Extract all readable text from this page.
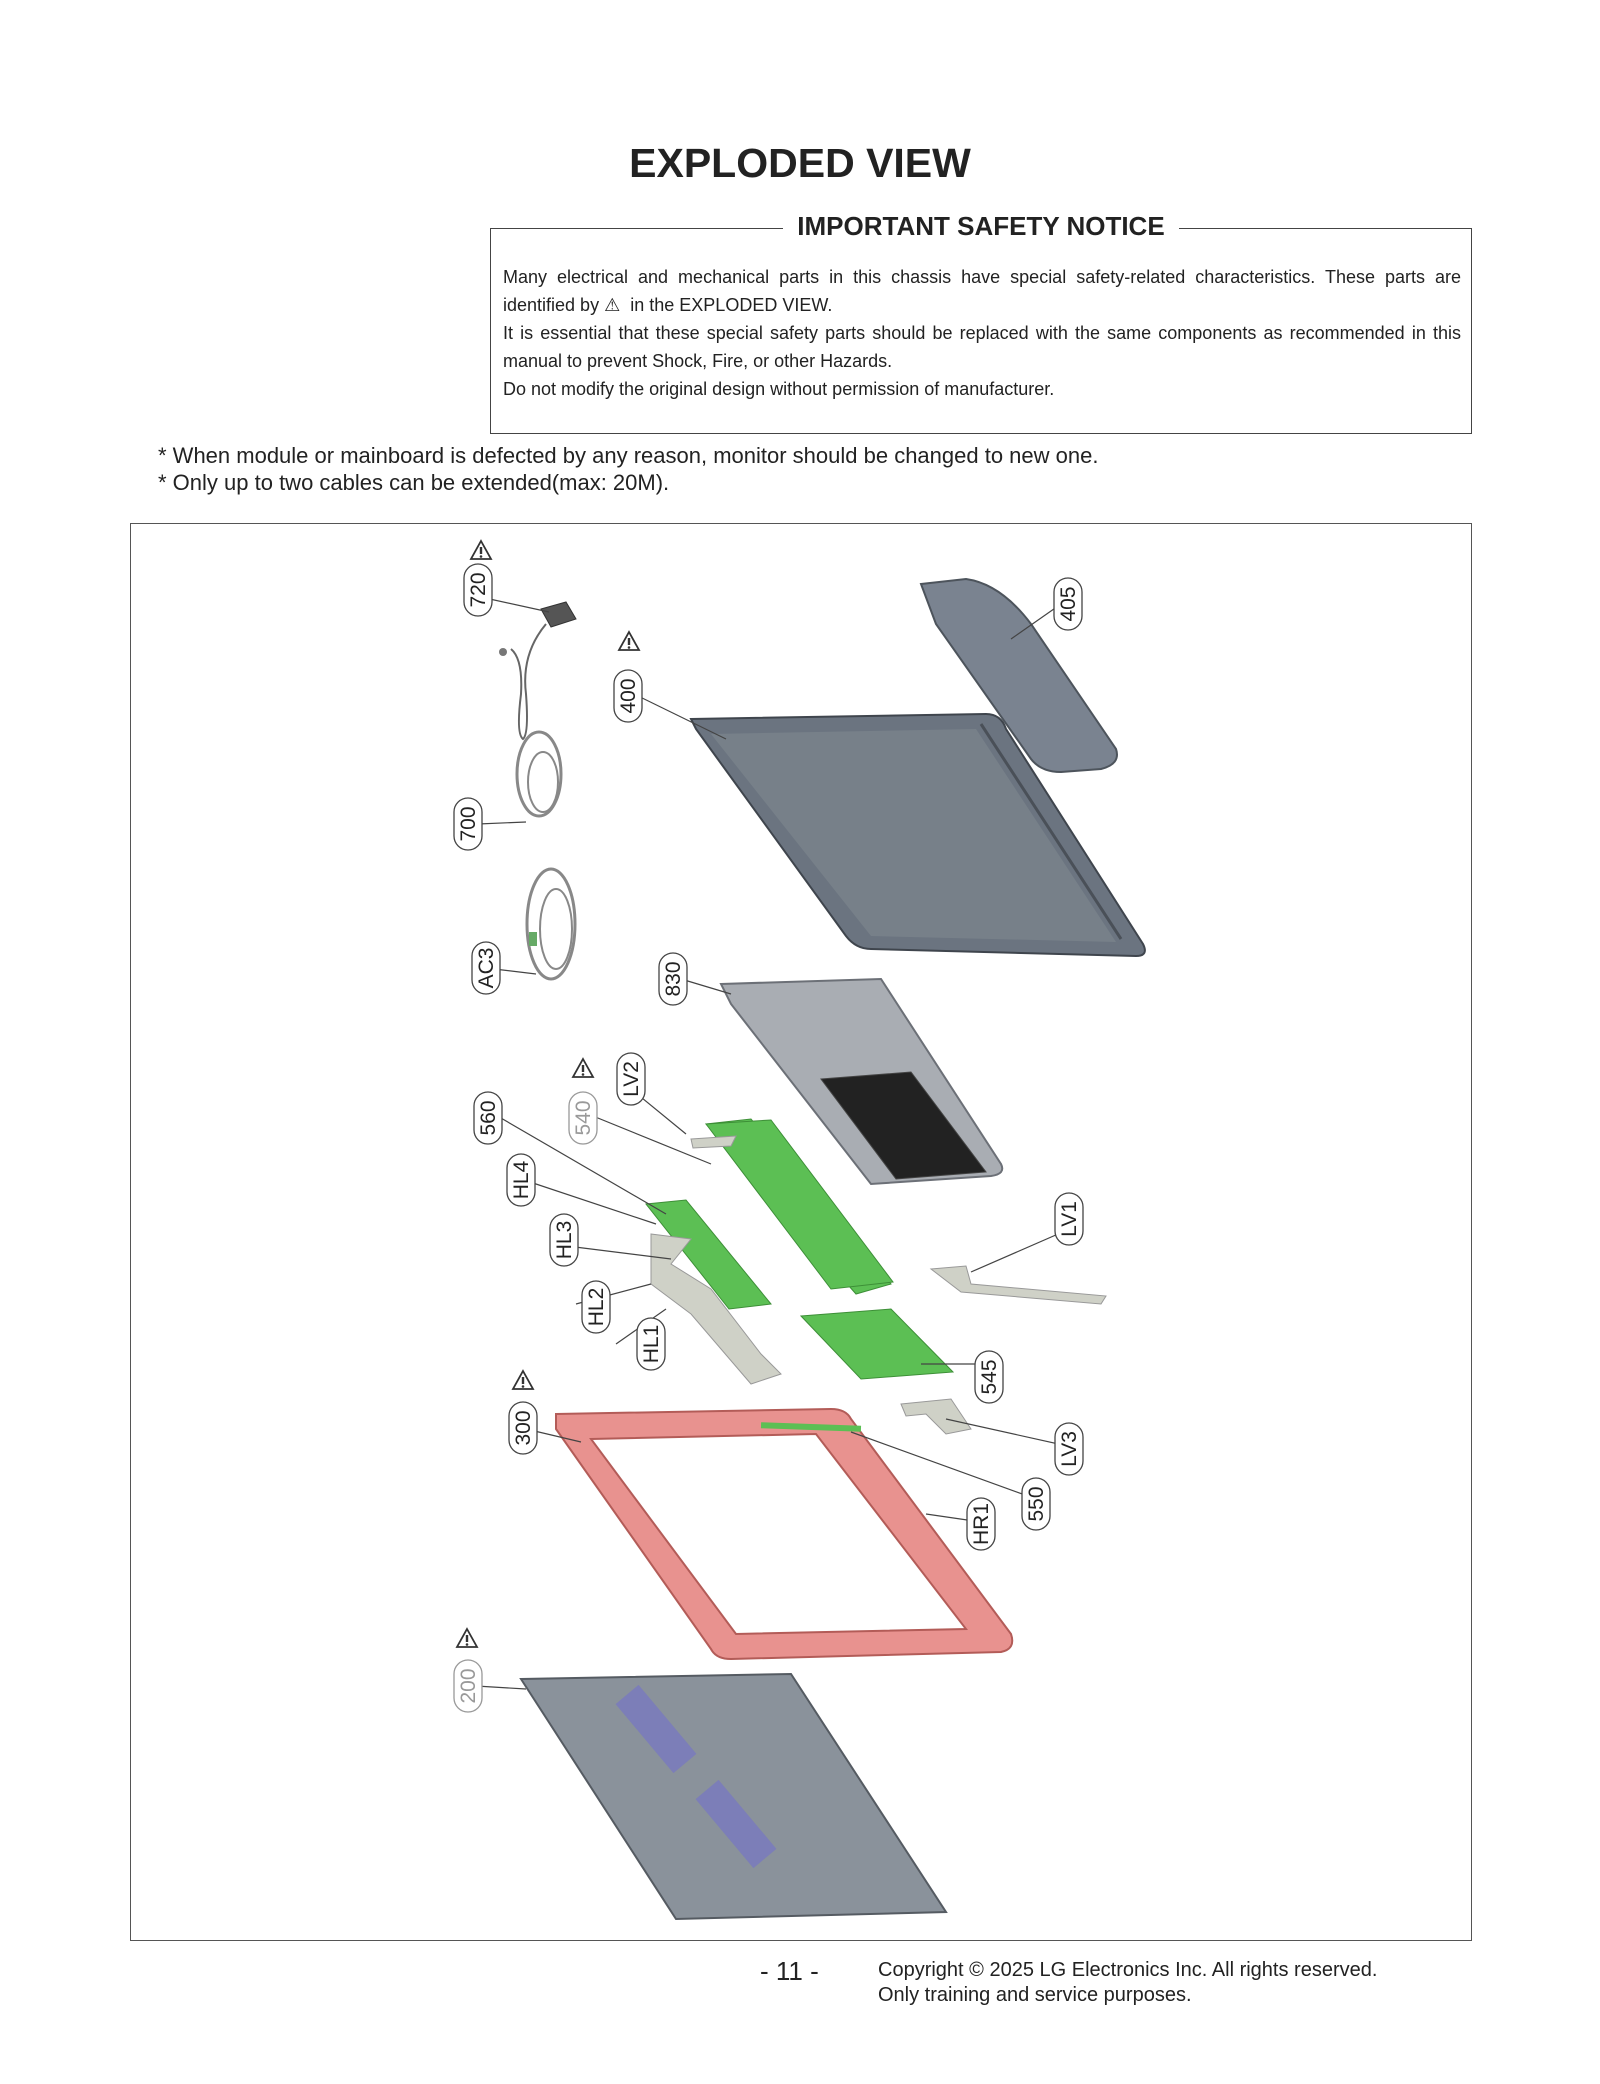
EXPLODED VIEW
IMPORTANT SAFETY NOTICE

Many electrical and mechanical parts in this chassis have special safety-related characteristics. These parts are identified by ⚠ in the EXPLODED VIEW.

It is essential that these special safety parts should be replaced with the same components as recommended in this manual to prevent Shock, Fire, or other Hazards.

Do not modify the original design without permission of manufacturer.

* When module or mainboard is defected by any reason, monitor should be changed to new one.
* Only up to two cables can be extended(max: 20M).
720	405
400
700
AC3	830
560	540
LV2
HL4
HL3
HL2
HL1
LV1
545
300
LV3
550
HR1
200
- 11 -	Copyright © 2025 LG Electronics Inc. All rights reserved.
Only training and service purposes.
